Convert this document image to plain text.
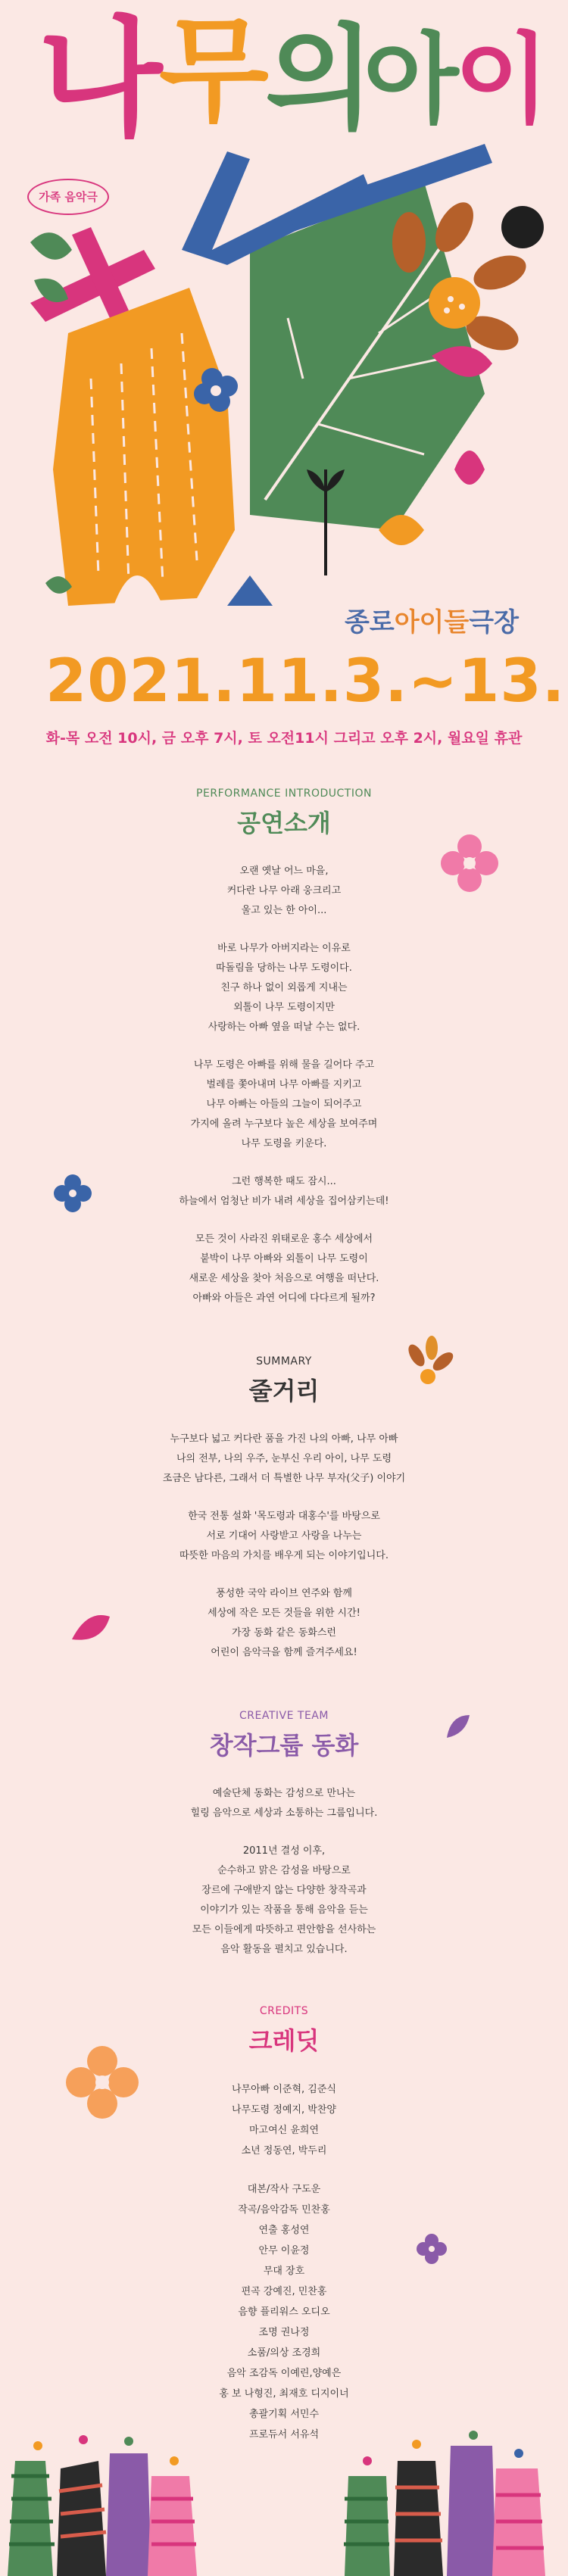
나
무
의
아
이
가족 음악극
종로아이들극장
2021.11.3.~13.
화-목 오전 10시, 금 오후 7시, 토 오전11시 그리고 오후 2시, 월요일 휴관
PERFORMANCE INTRODUCTION
공연소개
오랜 옛날 어느 마을,
커다란 나무 아래 웅크리고
울고 있는 한 아이...
바로 나무가 아버지라는 이유로
따돌림을 당하는 나무 도령이다.
친구 하나 없이 외롭게 지내는
외톨이 나무 도령이지만
사랑하는 아빠 옆을 떠날 수는 없다.
나무 도령은 아빠를 위해 물을 길어다 주고
벌레를 쫓아내며 나무 아빠를 지키고
나무 아빠는 아들의 그늘이 되어주고
가지에 올려 누구보다 높은 세상을 보여주며
나무 도령을 키운다.
그런 행복한 때도 잠시...
하늘에서 엄청난 비가 내려 세상을 집어삼키는데!
모든 것이 사라진 위태로운 홍수 세상에서
붙박이 나무 아빠와 외톨이 나무 도령이
새로운 세상을 찾아 처음으로 여행을 떠난다.
아빠와 아들은 과연 어디에 다다르게 될까?
SUMMARY
줄거리
누구보다 넓고 커다란 품을 가진 나의 아빠, 나무 아빠
나의 전부, 나의 우주, 눈부신 우리 아이, 나무 도령
조금은 남다른, 그래서 더 특별한 나무 부자(父子) 이야기
한국 전통 설화 '목도령과 대홍수'를 바탕으로
서로 기대어 사랑받고 사랑을 나누는
따뜻한 마음의 가치를 배우게 되는 이야기입니다.
풍성한 국악 라이브 연주와 함께
세상에 작은 모든 것들을 위한 시간!
가장 동화 같은 동화스런
어린이 음악극을 함께 즐겨주세요!
CREATIVE TEAM
창작그룹 동화
예술단체 동화는 감성으로 만나는
힐링 음악으로 세상과 소통하는 그룹입니다.
2011년 결성 이후,
순수하고 맑은 감성을 바탕으로
장르에 구애받지 않는 다양한 창작곡과
이야기가 있는 작품을 통해 음악을 듣는
모든 이들에게 따뜻하고 편안함을 선사하는
음악 활동을 펼치고 있습니다.
CREDITS
크레딧
나무아빠 이준혁, 김준식
나무도령 정예지, 박찬양
마고여신 윤희연
소년 정동연, 박두리
대본/작사 구도운
작곡/음악감독 민찬홍
연출 홍성연
안무 이윤정
무대 장호
편곡 강예진, 민찬홍
음향 플리워스 오디오
조명 권나정
소품/의상 조경희
음악 조감독 이예린,양예은
홍 보 나형진, 최재호 디지이너
총괄기획 서민수
프로듀서 서유석
